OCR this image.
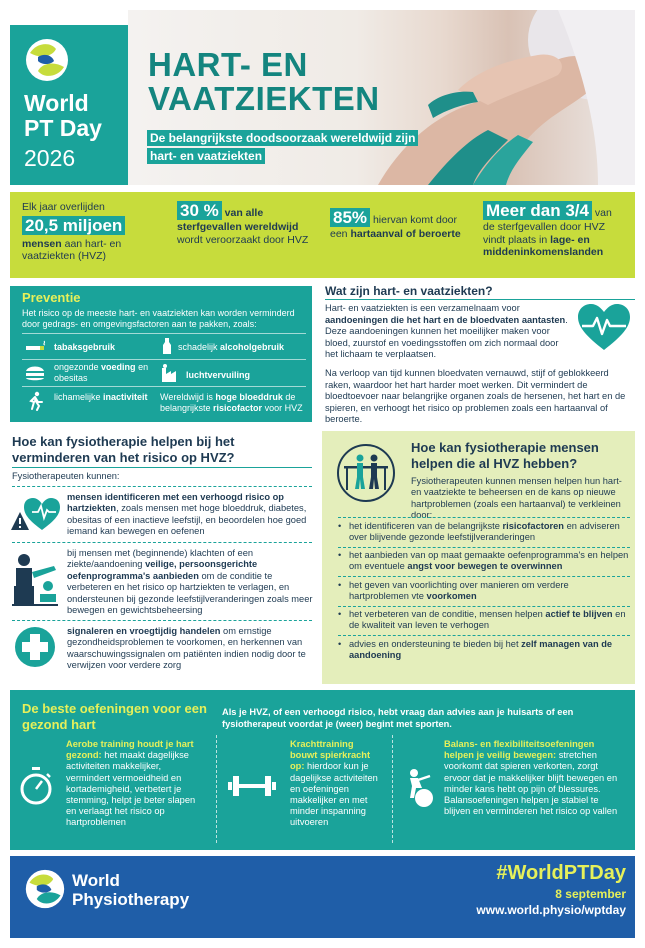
World
PT Day
2026
HART- EN
VAATZIEKTEN
De belangrijkste doodsoorzaak wereldwijd zijn hart- en vaatziekten
Elk jaar overlijden
20,5 miljoen
mensen aan hart- en vaatziekten (HVZ)
30 % van alle sterfgevallen wereldwijd wordt veroorzaakt door HVZ
85% hiervan komt door een hartaanval of beroerte
Meer dan 3/4 van de sterfgevallen door HVZ vindt plaats in lage- en middeninkomenslanden
Preventie
Het risico op de meeste hart- en vaatziekten kan worden verminderd door gedrags- en omgevingsfactoren aan te pakken, zoals:
tabaksgebruik	schadelijk alcoholgebruik
ongezonde voeding en obesitas	luchtvervuiling
lichamelijke inactiviteit	Wereldwijd is hoge bloeddruk de belangrijkste risicofactor voor HVZ
Wat zijn hart- en vaatziekten?
Hart- en vaatziekten is een verzamelnaam voor aandoeningen die het hart en de bloedvaten aantasten. Deze aandoeningen kunnen het moeilijker maken voor bloed, zuurstof en voedingsstoffen om zich normaal door het lichaam te verplaatsen.
Na verloop van tijd kunnen bloedvaten vernauwd, stijf of geblokkeerd raken, waardoor het hart harder moet werken. Dit vermindert de bloedtoevoer naar belangrijke organen zoals de hersenen, het hart en de spieren, en verhoogt het risico op problemen zoals een hartaanval of beroerte.
Hoe kan fysiotherapie helpen bij het verminderen van het risico op HVZ?
Fysiotherapeuten kunnen:
mensen identificeren met een verhoogd risico op hartziekten, zoals mensen met hoge bloeddruk, diabetes, obesitas of een inactieve leefstijl, en beoordelen hoe goed iemand kan bewegen en oefenen
bij mensen met (beginnende) klachten of een ziekte/aandoening veilige, persoonsgerichte oefenprogramma's aanbieden om de conditie te verbeteren en het risico op hartziekten te verlagen, en ondersteunen bij gezonde leefstijlveranderingen zoals meer bewegen en gewichtsbeheersing
signaleren en vroegtijdig handelen om ernstige gezondheidsproblemen te voorkomen, en herkennen van waarschuwingssignalen om patiënten indien nodig door te verwijzen voor verdere zorg
Hoe kan fysiotherapie mensen helpen die al HVZ hebben?
Fysiotherapeuten kunnen mensen helpen hun hart- en vaatziekte te beheersen en de kans op nieuwe hartproblemen (zoals een hartaanval) te verkleinen door:
• het identificeren van de belangrijkste risicofactoren en adviseren over blijvende gezonde leefstijlveranderingen
• het aanbieden van op maat gemaakte oefenprogramma's en helpen om eventuele angst voor bewegen te overwinnen
• het geven van voorlichting over manieren om verdere hartproblemen vte voorkomen
• het verbeteren van de conditie, mensen helpen actief te blijven en de kwaliteit van leven te verhogen
• advies en ondersteuning te bieden bij het zelf managen van de aandoening
De beste oefeningen voor een gezond hart
Als je HVZ, of een verhoogd risico, hebt vraag dan advies aan je huisarts of een fysiotherapeut voordat je (weer) begint met sporten.
Aerobe training houdt je hart gezond: het maakt dagelijkse activiteiten makkelijker, vermindert vermoeidheid en kortademigheid, verbetert je stemming, helpt je beter slapen en verlaagt het risico op hartproblemen
Krachttraining bouwt spierkracht op: hierdoor kun je dagelijkse activiteiten en oefeningen makkelijker en met minder inspanning uitvoeren
Balans- en flexibiliteitsoefeningen helpen je veilig bewegen: stretchen voorkomt dat spieren verkorten, zorgt ervoor dat je makkelijker blijft bewegen en minder kans hebt op pijn of blessures. Balansoefeningen helpen je stabiel te blijven en verminderen het risico op vallen
World
Physiotherapy
#WorldPTDay
8 september
www.world.physio/wptday
